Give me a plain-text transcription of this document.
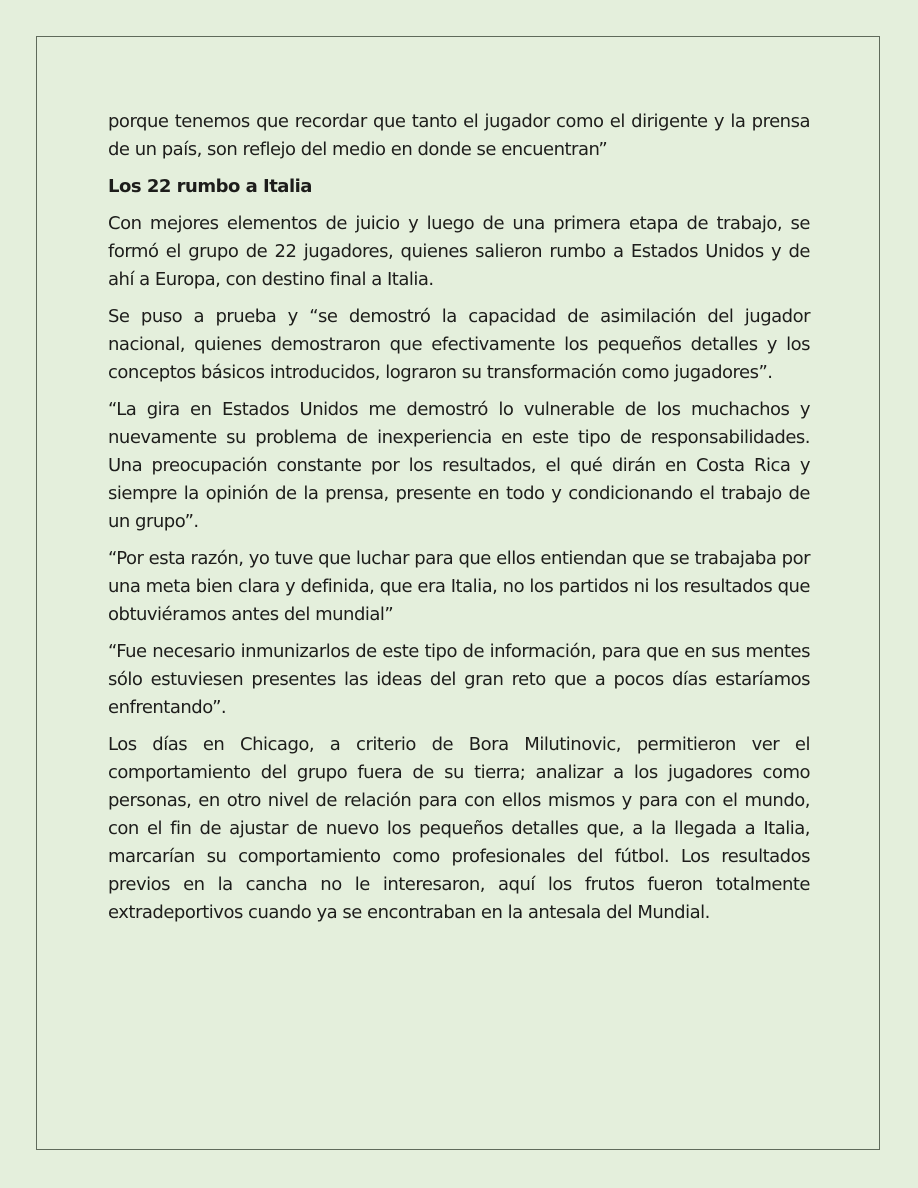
porque tenemos que recordar que tanto el jugador como el dirigente y la prensa de un país, son reflejo del medio en donde se encuentran”

Los 22 rumbo a Italia

Con mejores elementos de juicio y luego de una primera etapa de trabajo, se formó el grupo de 22 jugadores, quienes salieron rumbo a Estados Unidos y de ahí a Europa, con destino final a Italia.

Se puso a prueba y “se demostró la capacidad de asimilación del jugador nacional, quienes demostraron que efectivamente los pequeños detalles y los conceptos básicos introducidos, lograron su transformación como jugadores”.

“La gira en Estados Unidos me demostró lo vulnerable de los muchachos y nuevamente su problema de inexperiencia en este tipo de responsabilidades. Una preocupación constante por los resultados, el qué dirán en Costa Rica y siempre la opinión de la prensa, presente en todo y condicionando el trabajo de un grupo”.

“Por esta razón, yo tuve que luchar para que ellos entiendan que se trabajaba por una meta bien clara y definida, que era Italia, no los partidos ni los resultados que obtuviéramos antes del mundial”

“Fue necesario inmunizarlos de este tipo de información, para que en sus mentes sólo estuviesen presentes las ideas del gran reto que a pocos días estaríamos enfrentando”.

Los días en Chicago, a criterio de Bora Milutinovic, permitieron ver el comportamiento del grupo fuera de su tierra; analizar a los jugadores como personas, en otro nivel de relación para con ellos mismos y para con el mundo, con el fin de ajustar de nuevo los pequeños detalles que, a la llegada a Italia, marcarían su comportamiento como profesionales del fútbol. Los resultados previos en la cancha no le interesaron, aquí los frutos fueron totalmente extradeportivos cuando ya se encontraban en la antesala del Mundial.
